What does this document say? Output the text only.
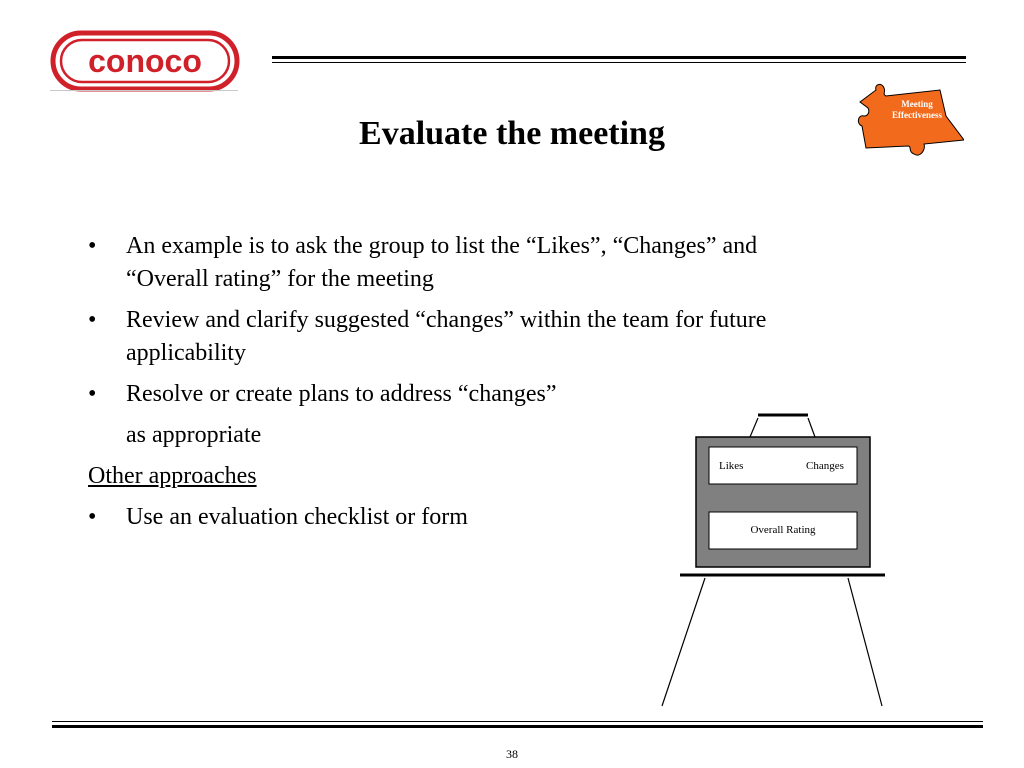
conoco
Evaluate the meeting
Meeting
Effectiveness
• An example is to ask the group to list the “Likes”, “Changes” and
“Overall rating” for the meeting
• Review and clarify suggested “changes” within the team for future
applicability
• Resolve or create plans to address “changes”
as appropriate
Other approaches
• Use an evaluation checklist or form
Likes	Changes
Overall Rating
38
